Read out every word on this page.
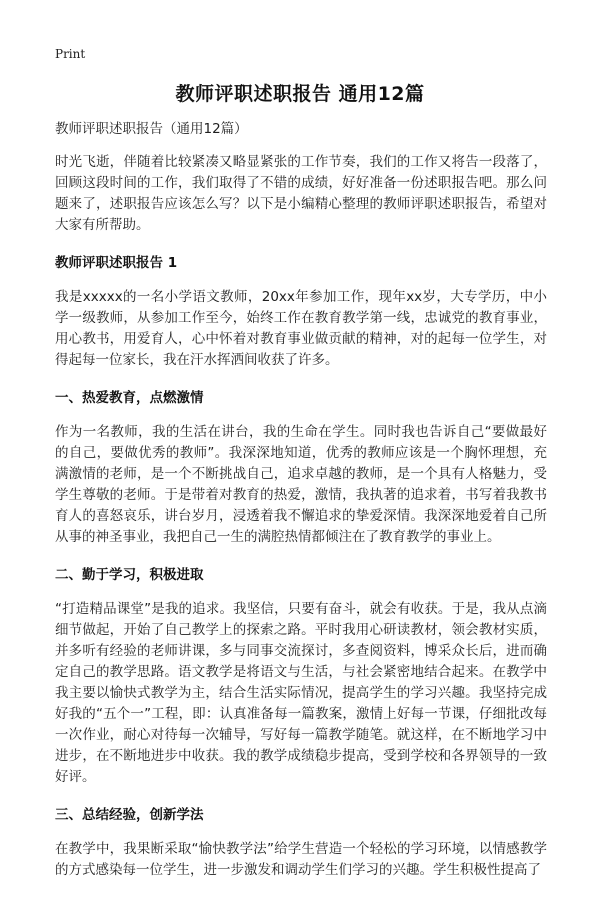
Print
教师评职述职报告 通用12篇

教师评职述职报告（通用12篇）

时光飞逝，伴随着比较紧凑又略显紧张的工作节奏，我们的工作又将告一段落了，回顾这段时间的工作，我们取得了不错的成绩，好好准备一份述职报告吧。那么问题来了，述职报告应该怎么写？以下是小编精心整理的教师评职述职报告，希望对大家有所帮助。

教师评职述职报告 1

我是xxxxx的一名小学语文教师，20xx年参加工作，现年xx岁，大专学历，中小学一级教师，从参加工作至今，始终工作在教育教学第一线，忠诚党的教育事业，用心教书，用爱育人，心中怀着对教育事业做贡献的精神，对的起每一位学生，对得起每一位家长，我在汗水挥洒间收获了许多。

一、热爱教育，点燃激情

作为一名教师，我的生活在讲台，我的生命在学生。同时我也告诉自己“要做最好的自己，要做优秀的教师”。我深深地知道，优秀的教师应该是一个胸怀理想，充满激情的老师，是一个不断挑战自己，追求卓越的教师，是一个具有人格魅力，受学生尊敬的老师。于是带着对教育的热爱，激情，我执著的追求着，书写着我教书育人的喜怒哀乐，讲台岁月，浸透着我不懈追求的挚爱深情。我深深地爱着自己所从事的神圣事业，我把自己一生的满腔热情都倾注在了教育教学的事业上。

二、勤于学习，积极进取

“打造精品课堂”是我的追求。我坚信，只要有奋斗，就会有收获。于是，我从点滴细节做起，开始了自己教学上的探索之路。平时我用心研读教材，领会教材实质，并多听有经验的老师讲课，多与同事交流探讨，多查阅资料，博采众长后，进而确定自己的教学思路。语文教学是将语文与生活，与社会紧密地结合起来。在教学中我主要以愉快式教学为主，结合生活实际情况，提高学生的学习兴趣。我坚持完成好我的“五个一”工程，即：认真准备每一篇教案，激情上好每一节课，仔细批改每一次作业，耐心对待每一次辅导，写好每一篇教学随笔。就这样，在不断地学习中进步，在不断地进步中收获。我的教学成绩稳步提高，受到学校和各界领导的一致好评。

三、总结经验，创新学法

在教学中，我果断采取“愉快教学法”给学生营造一个轻松的学习环境，以情感教学的方式感染每一位学生，进一步激发和调动学生们学习的兴趣。学生积极性提高了
